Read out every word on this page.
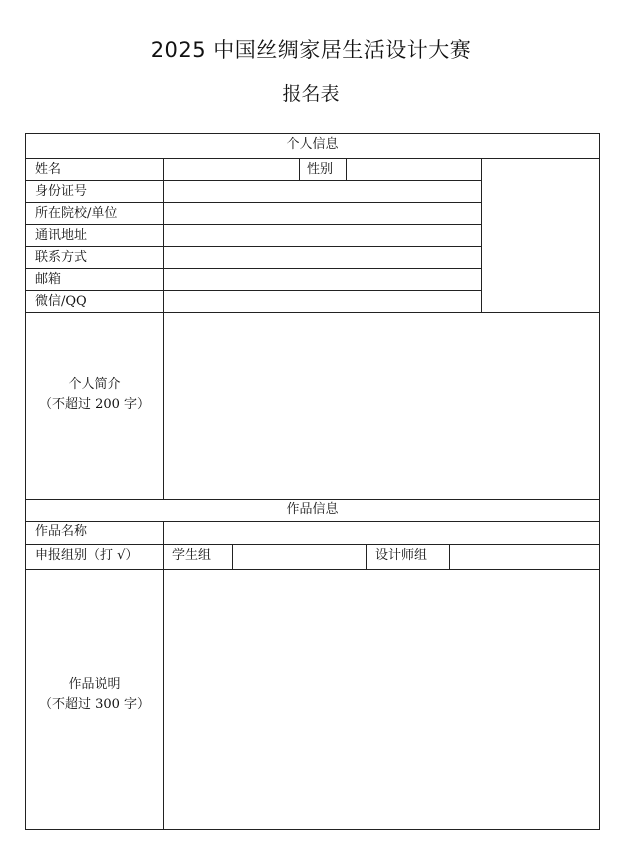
2025 中国丝绸家居生活设计大赛
报名表
个人信息
姓名	性别
身份证号
所在院校/单位
通讯地址
联系方式
邮箱
微信/QQ
个人简介
（不超过 200 字）
作品信息
作品名称
申报组别（打 √）	学生组	设计师组
作品说明
（不超过 300 字）
